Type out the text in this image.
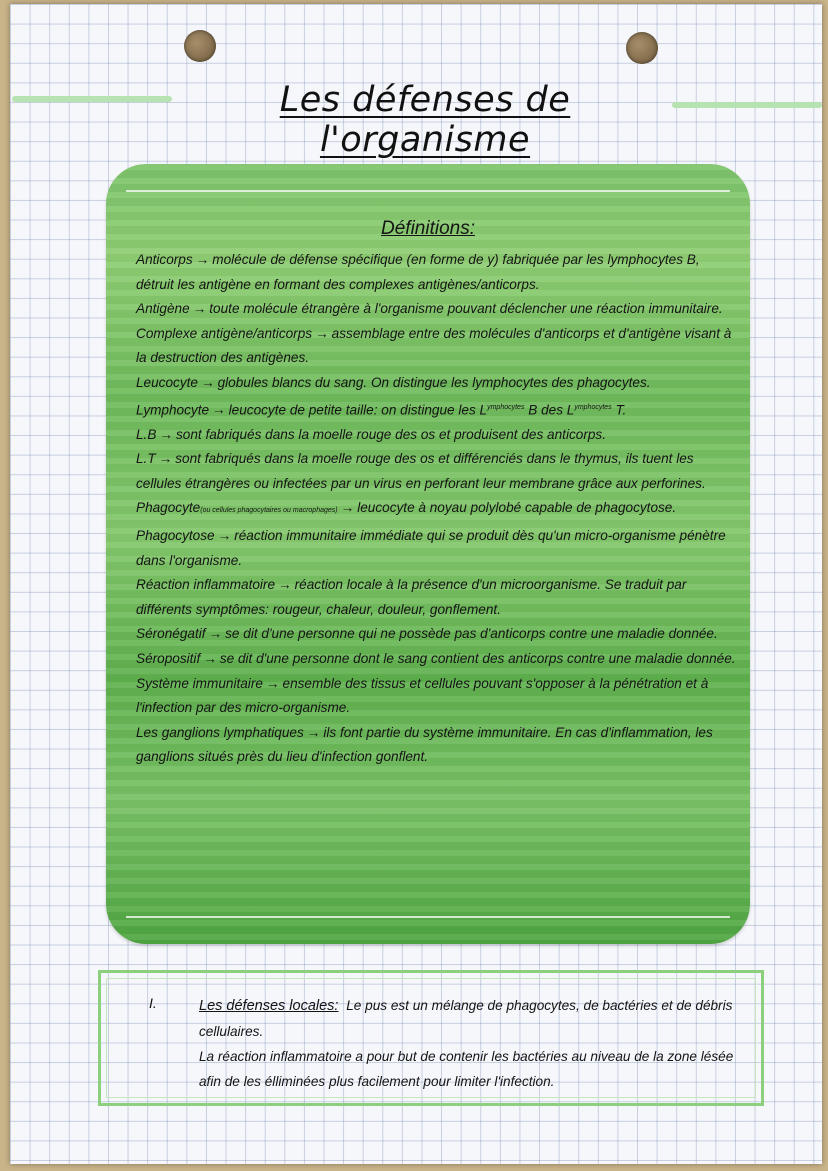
Les défenses de l'organisme
Définitions:

Anticorps → molécule de défense spécifique (en forme de y) fabriquée par les lymphocytes B, détruit les antigène en formant des complexes antigènes/anticorps.

Antigène → toute molécule étrangère à l'organisme pouvant déclencher une réaction immunitaire.

Complexe antigène/anticorps → assemblage entre des molécules d'anticorps et d'antigène visant à la destruction des antigènes.

Leucocyte → globules blancs du sang. On distingue les lymphocytes des phagocytes.

Lymphocyte → leucocyte de petite taille: on distingue les $L^{ymphocytes}$ B des $L^{ymphocytes}$ T.

L.B → sont fabriqués dans la moelle rouge des os et produisent des anticorps.

L.T → sont fabriqués dans la moelle rouge des os et différenciés dans le thymus, ils tuent les cellules étrangères ou infectées par un virus en perforant leur membrane grâce aux perforines.

Phagocyte(ou cellules phagocytaires ou macrophages) → leucocyte à noyau polylobé capable de phagocytose.

Phagocytose → réaction immunitaire immédiate qui se produit dès qu'un micro-organisme pénètre dans l'organisme.

Réaction inflammatoire → réaction locale à la présence d'un microorganisme. Se traduit par différents symptômes: rougeur, chaleur, douleur, gonflement.

Séronégatif → se dit d'une personne qui ne possède pas d'anticorps contre une maladie donnée.

Séropositif → se dit d'une personne dont le sang contient des anticorps contre une maladie donnée.

Système immunitaire → ensemble des tissus et cellules pouvant s'opposer à la pénétration et à l'infection par des micro-organisme.

Les ganglions lymphatiques → ils font partie du système immunitaire. En cas d'inflammation, les ganglions situés près du lieu d'infection gonflent.

I.	Les défenses locales: Le pus est un mélange de phagocytes, de bactéries et de débris cellulaires.
La réaction inflammatoire a pour but de contenir les bactéries au niveau de la zone lésée afin de les élliminées plus facilement pour limiter l'infection.
